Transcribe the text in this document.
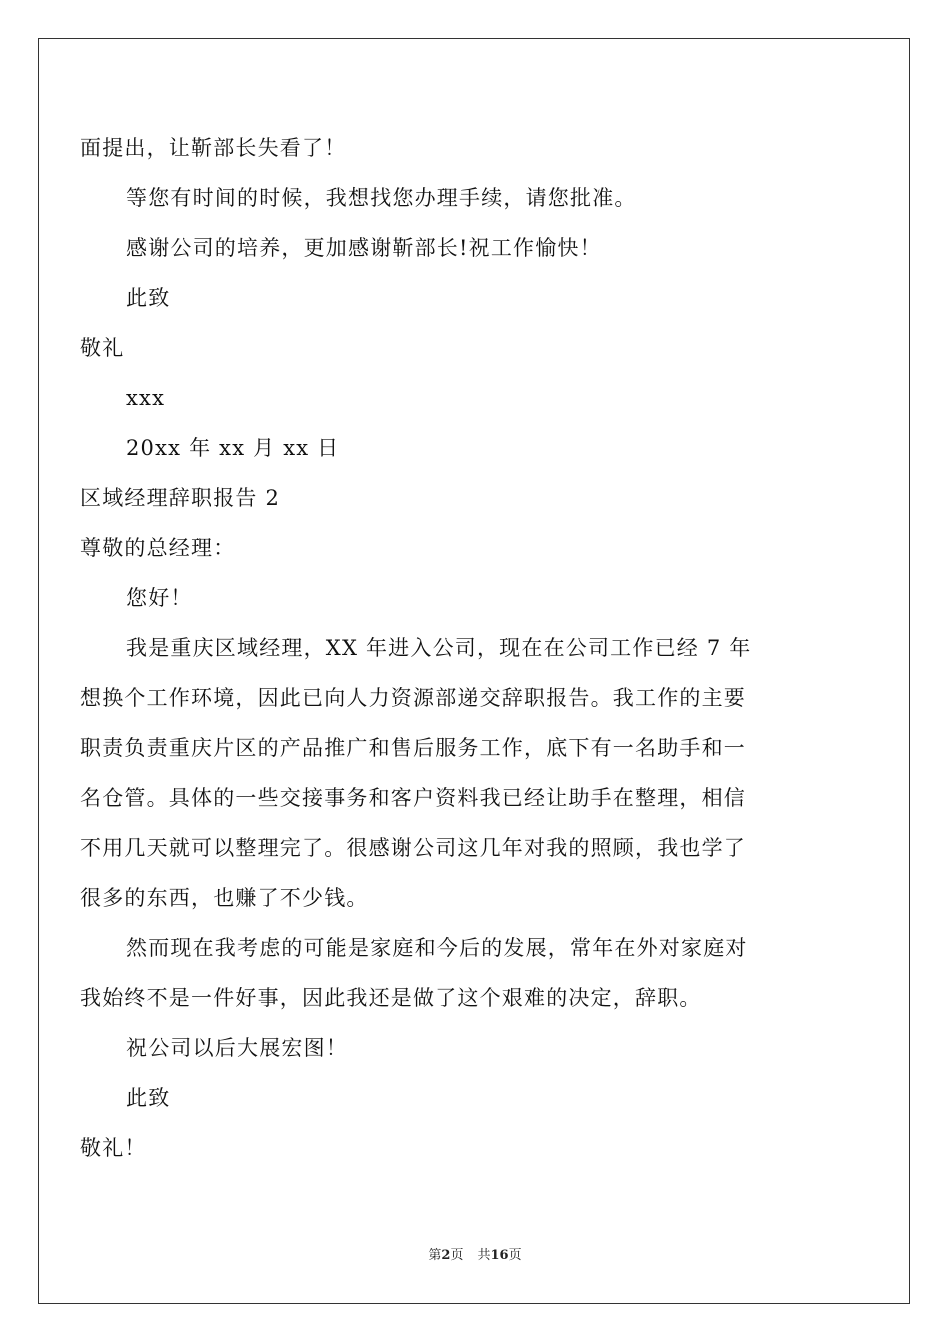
面提出，让靳部长失看了！
等您有时间的时候，我想找您办理手续，请您批准。
感谢公司的培养，更加感谢靳部长!祝工作愉快！
此致
敬礼
xxx
20xx 年 xx 月 xx 日
区域经理辞职报告 2
尊敬的总经理：
您好！
我是重庆区域经理，XX 年进入公司，现在在公司工作已经 7 年
想换个工作环境，因此已向人力资源部递交辞职报告。我工作的主要
职责负责重庆片区的产品推广和售后服务工作，底下有一名助手和一
名仓管。具体的一些交接事务和客户资料我已经让助手在整理，相信
不用几天就可以整理完了。很感谢公司这几年对我的照顾，我也学了
很多的东西，也赚了不少钱。
然而现在我考虑的可能是家庭和今后的发展，常年在外对家庭对
我始终不是一件好事，因此我还是做了这个艰难的决定，辞职。
祝公司以后大展宏图！
此致
敬礼！
第2页 共16页
